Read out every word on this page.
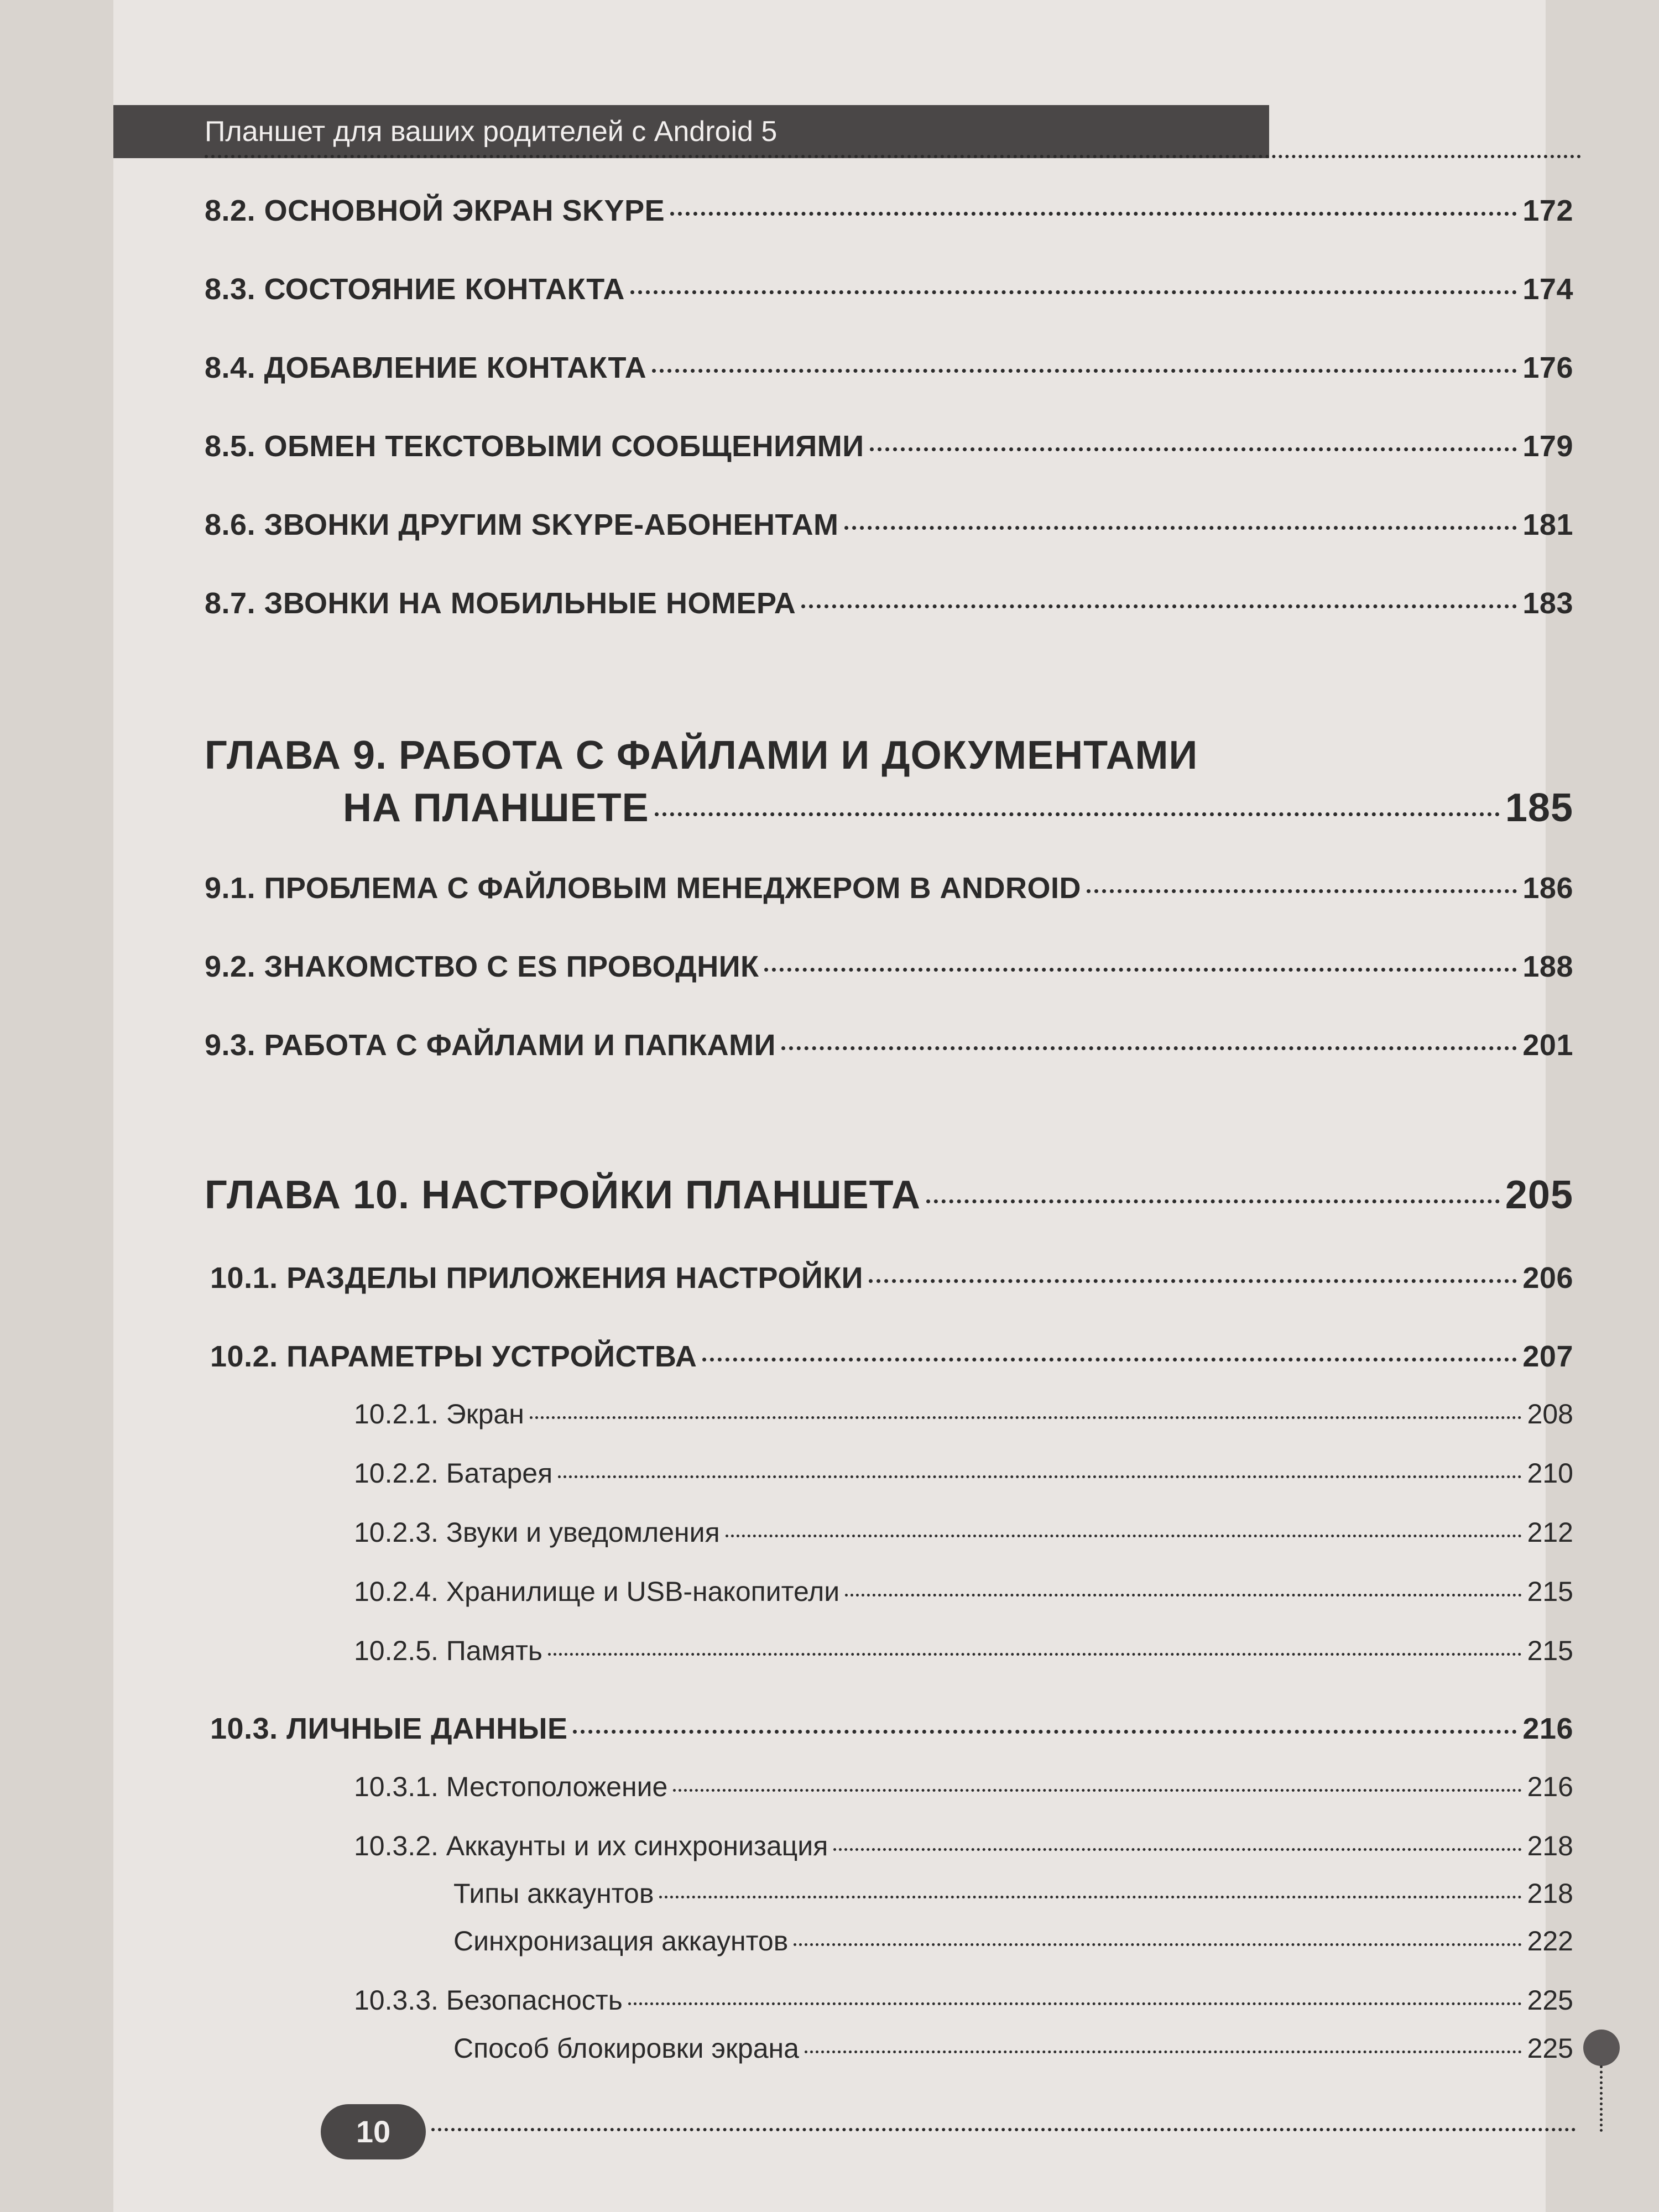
Планшет для ваших родителей с Android 5
8.2. ОСНОВНОЙ ЭКРАН SKYPE	172
8.3. СОСТОЯНИЕ КОНТАКТА	174
8.4. ДОБАВЛЕНИЕ КОНТАКТА	176
8.5. ОБМЕН ТЕКСТОВЫМИ СООБЩЕНИЯМИ	179
8.6. ЗВОНКИ ДРУГИМ SKYPE-АБОНЕНТАМ	181
8.7. ЗВОНКИ НА МОБИЛЬНЫЕ НОМЕРА	183
ГЛАВА 9. РАБОТА С ФАЙЛАМИ И ДОКУМЕНТАМИ
НА ПЛАНШЕТЕ	185
9.1. ПРОБЛЕМА С ФАЙЛОВЫМ МЕНЕДЖЕРОМ В ANDROID	186
9.2. ЗНАКОМСТВО С ES ПРОВОДНИК	188
9.3. РАБОТА С ФАЙЛАМИ И ПАПКАМИ	201
ГЛАВА 10. НАСТРОЙКИ ПЛАНШЕТА	205
10.1. РАЗДЕЛЫ ПРИЛОЖЕНИЯ НАСТРОЙКИ	206
10.2. ПАРАМЕТРЫ УСТРОЙСТВА	207
10.2.1. Экран	208
10.2.2. Батарея	210
10.2.3. Звуки и уведомления	212
10.2.4. Хранилище и USB-накопители	215
10.2.5. Память	215
10.3. ЛИЧНЫЕ ДАННЫЕ	216
10.3.1. Местоположение	216
10.3.2. Аккаунты и их синхронизация	218
Типы аккаунтов	218
Синхронизация аккаунтов	222
10.3.3. Безопасность	225
Способ блокировки экрана	225
10
